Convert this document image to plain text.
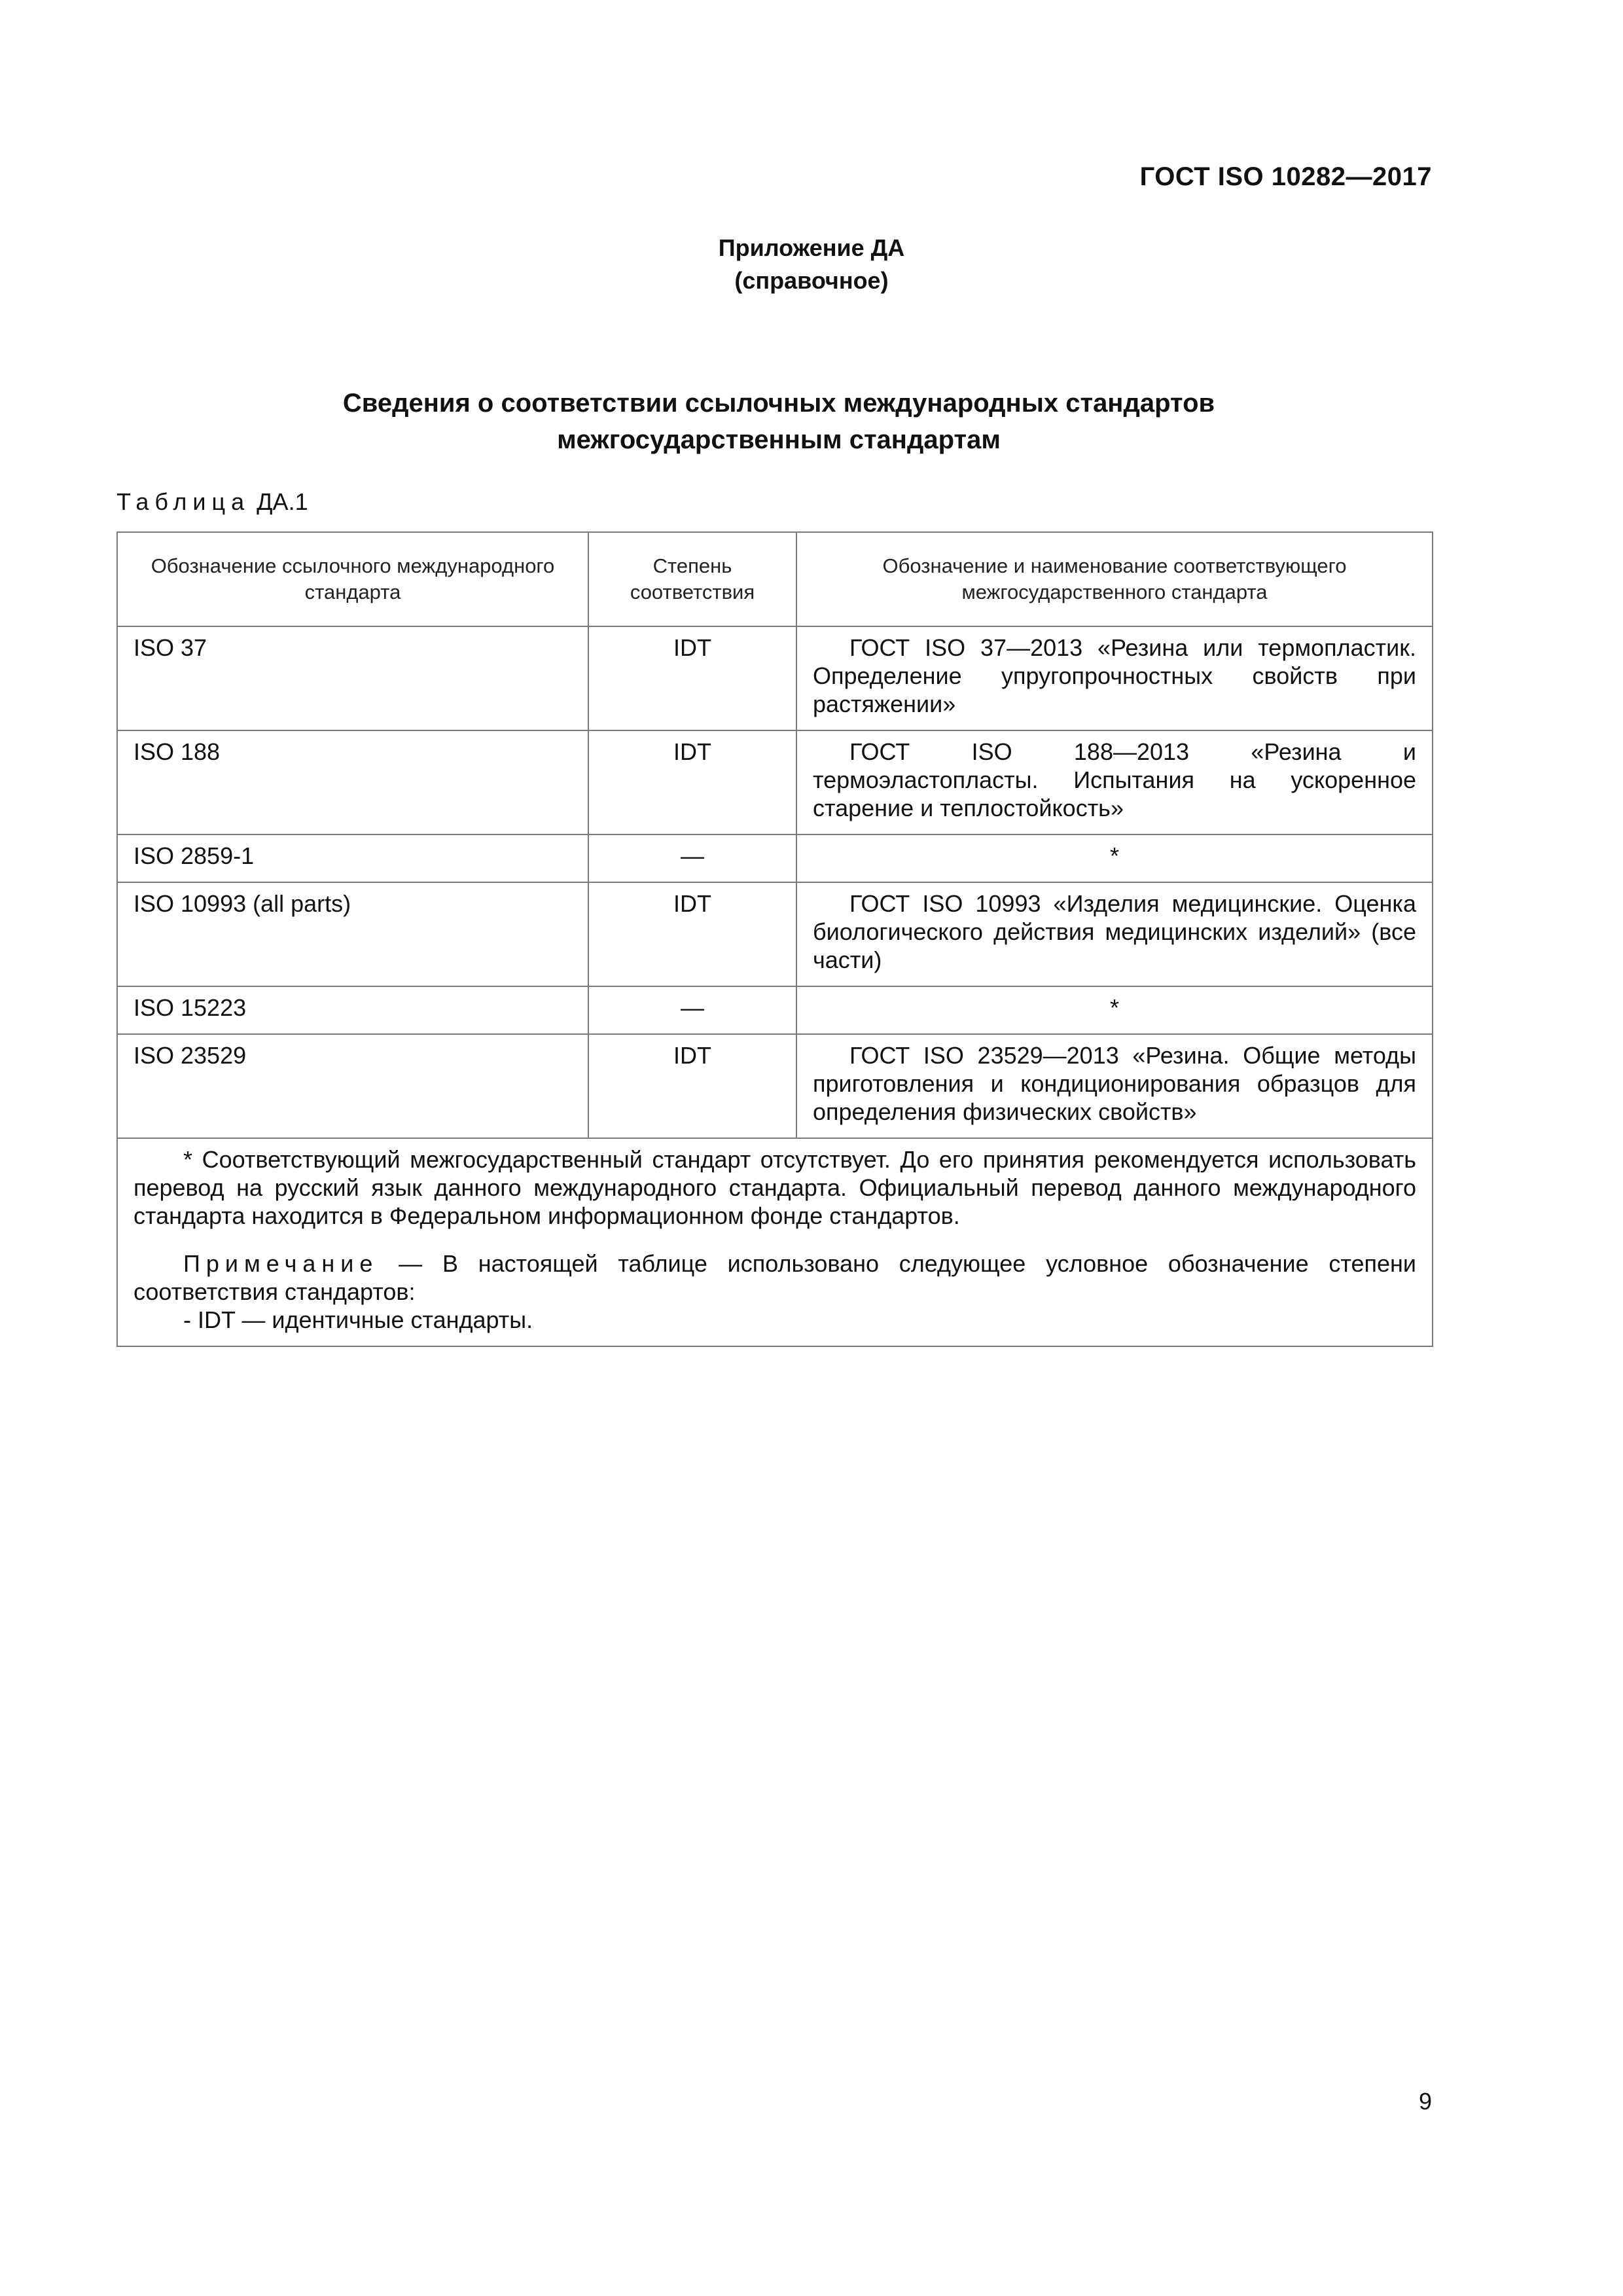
ГОСТ ISO 10282—2017
Приложение ДА
(справочное)
Сведения о соответствии ссылочных международных стандартов
межгосударственным стандартам
Таблица ДА.1
Обозначение ссылочного международного стандарта	Степень соответствия	Обозначение и наименование соответствующего межгосударственного стандарта
ISO 37	IDT	ГОСТ ISO 37—2013 «Резина или термопластик. Определение упругопрочностных свойств при растяжении»
ISO 188	IDT	ГОСТ ISO 188—2013 «Резина и термоэластопласты. Испытания на ускоренное старение и теплостойкость»
ISO 2859-1	—	*
ISO 10993 (all parts)	IDT	ГОСТ ISO 10993 «Изделия медицинские. Оценка биологического действия медицинских изделий» (все части)
ISO 15223	—	*
ISO 23529	IDT	ГОСТ ISO 23529—2013 «Резина. Общие методы приготовления и кондиционирования образцов для определения физических свойств»

* Соответствующий межгосударственный стандарт отсутствует. До его принятия рекомендуется использовать перевод на русский язык данного международного стандарта. Официальный перевод данного международного стандарта находится в Федеральном информационном фонде стандартов.

Примечание — В настоящей таблице использовано следующее условное обозначение степени соответствия стандартов:

- IDT — идентичные стандарты.		

9
